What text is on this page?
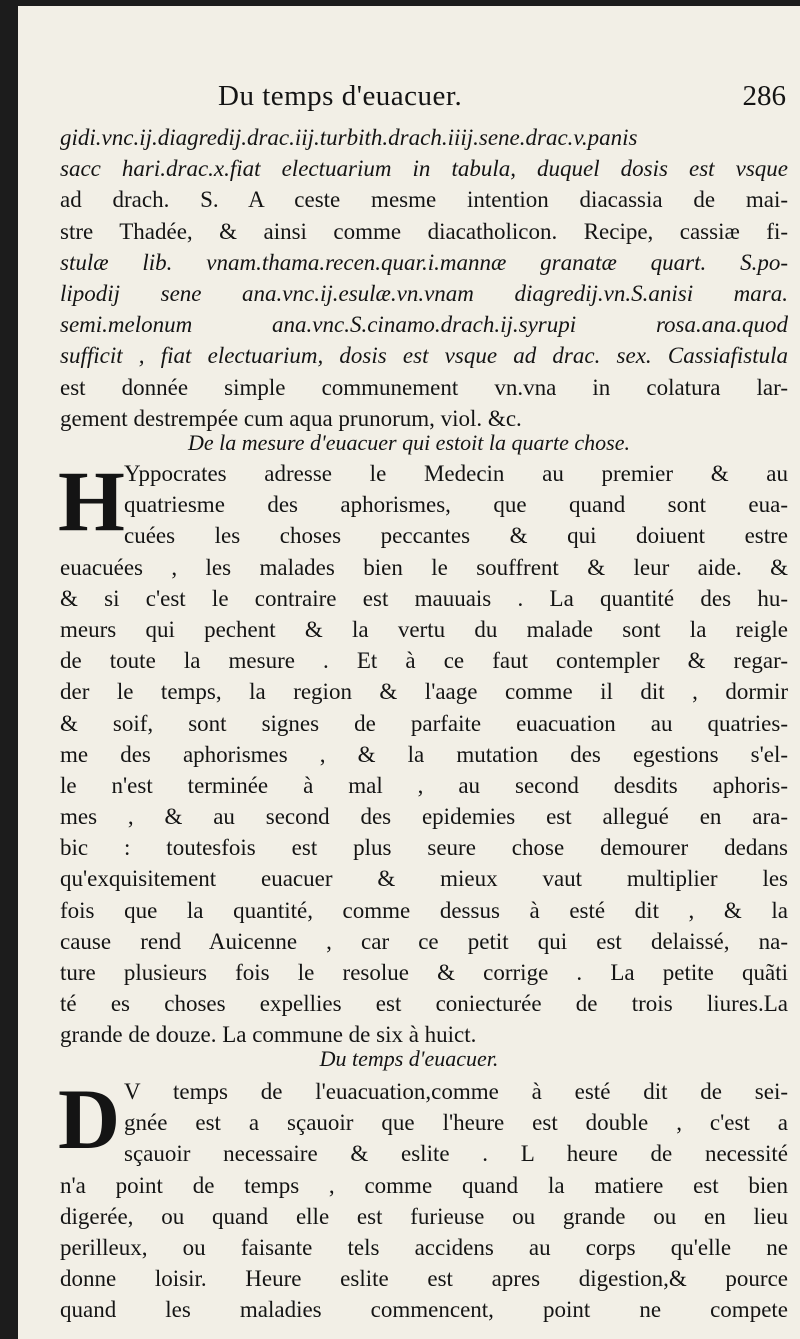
Du temps d'euacuer.	286
gidi.vnc.ij.diagredij.drac.iij.turbith.drach.iiij.sene.drac.v.panis
sacc hari.drac.x.fiat electuarium in tabula, duquel dosis est vsque
ad drach. S. A ceste mesme intention diacassia de mai-
stre Thadée, & ainsi comme diacatholicon. Recipe, cassiæ fi-
stulæ lib. vnam.thama.recen.quar.i.mannæ granatæ quart. S.po-
lipodij sene ana.vnc.ij.esulæ.vn.vnam diagredij.vn.S.anisi mara.
semi.melonum ana.vnc.S.cinamo.drach.ij.syrupi rosa.ana.quod
sufficit , fiat electuarium, dosis est vsque ad drac. sex. Cassiafistula
est donnée simple communement vn.vna in colatura lar-
gement destrempée cum aqua prunorum, viol. &c.
De la mesure d'euacuer qui estoit la quarte chose.
H Yppocrates adresse le Medecin au premier & au
quatriesme des aphorismes, que quand sont eua-
cuées les choses peccantes & qui doiuent estre
euacuées , les malades bien le souffrent & leur aide. &
& si c'est le contraire est mauuais . La quantité des hu-
meurs qui pechent & la vertu du malade sont la reigle
de toute la mesure . Et à ce faut contempler & regar-
der le temps, la region & l'aage comme il dit , dormir
& soif, sont signes de parfaite euacuation au quatries-
me des aphorismes , & la mutation des egestions s'el-
le n'est terminée à mal , au second desdits aphoris-
mes , & au second des epidemies est allegué en ara-
bic : toutesfois est plus seure chose demourer dedans
qu'exquisitement euacuer & mieux vaut multiplier les
fois que la quantité, comme dessus à esté dit , & la
cause rend Auicenne , car ce petit qui est delaissé, na-
ture plusieurs fois le resolue & corrige . La petite quãti
té es choses expellies est coniecturée de trois liures.La
grande de douze. La commune de six à huict.
Du temps d'euacuer.
D V temps de l'euacuation,comme à esté dit de sei-
gnée est a sçauoir que l'heure est double , c'est a
sçauoir necessaire & eslite . L heure de necessité
n'a point de temps , comme quand la matiere est bien
digerée, ou quand elle est furieuse ou grande ou en lieu
perilleux, ou faisante tels accidens au corps qu'elle ne
donne loisir. Heure eslite est apres digestion,& pource
quand les maladies commencent, point ne compete
